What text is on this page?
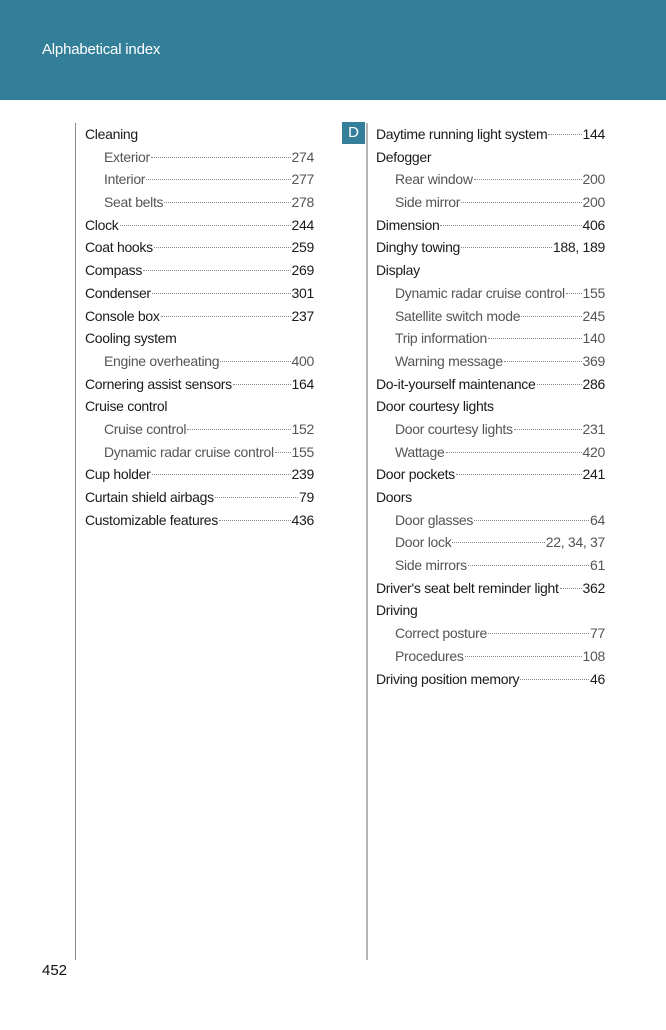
Alphabetical index
D
Cleaning
Exterior	274
Interior	277
Seat belts	278
Clock	244
Coat hooks	259
Compass	269
Condenser	301
Console box	237
Cooling system
Engine overheating	400
Cornering assist sensors	164
Cruise control
Cruise control	152
Dynamic radar cruise control 155
Cup holder	239
Curtain shield airbags	79
Customizable features	436
Daytime running light system	144
Defogger
Rear window	200
Side mirror	200
Dimension	406
Dinghy towing	188, 189
Display
Dynamic radar cruise control 155
Satellite switch mode	245
Trip information	140
Warning message	369
Do-it-yourself maintenance	286
Door courtesy lights
Door courtesy lights	231
Wattage	420
Door pockets	241
Doors
Door glasses	64
Door lock	22, 34, 37
Side mirrors	61
Driver's seat belt reminder light 362
Driving
Correct posture	77
Procedures	108
Driving position memory	46
452
